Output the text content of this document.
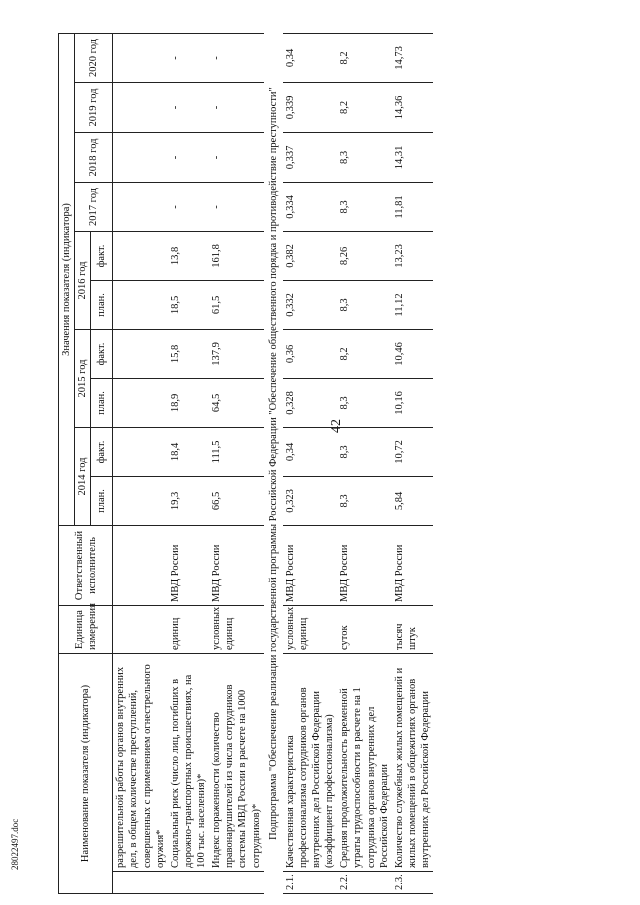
42
28022497.doc	Наименование показателя (индикатора)		Единица измерения	Ответственный исполнитель	Значения показателя (индикатора)									
				2014 год		2015 год		2016 год		2017 год	2018 год	2019 год	2020 год
				план.	факт.	план.	факт.	план.	факт.				
	разрешительной работы органов внутренних дел, в общем количестве преступлений, совершенных с применением огнестрельного оружия*												
	Социальный риск (число лиц, погибших в дорожно-транспортных происшествиях, на 100 тыс. населения)*	единиц	МВД России	19,3	18,4	18,9	15,8	18,5	13,8	-	-	-	-
	Индекс пораженности (количество правонарушителей из числа сотрудников системы МВД России в расчете на 1000 сотрудников)*	условных единиц	МВД России	66,5	111,5	64,5	137,9	61,5	161,8	-	-	-	-
Подпрограмма "Обеспечение реализации государственной программы Российской Федерации "Обеспечение общественного порядка и противодействие преступности"													
2.1.	Качественная характеристика профессионализма сотрудников органов внутренних дел Российской Федерации (коэффициент профессионализма)	условных единиц	МВД России	0,323	0,34	0,328	0,36	0,332	0,382	0,334	0,337	0,339	0,34
2.2.	Средняя продолжительность временной утраты трудоспособности в расчете на 1 сотрудника органов внутренних дел Российской Федерации	суток	МВД России	8,3	8,3	8,3	8,2	8,3	8,26	8,3	8,3	8,2	8,2
2.3.	Количество служебных жилых помещений и жилых помещений в общежитиях органов внутренних дел Российской Федерации	тысяч штук	МВД России	5,84	10,72	10,16	10,46	11,12	13,23	11,81	14,31	14,36	14,73
